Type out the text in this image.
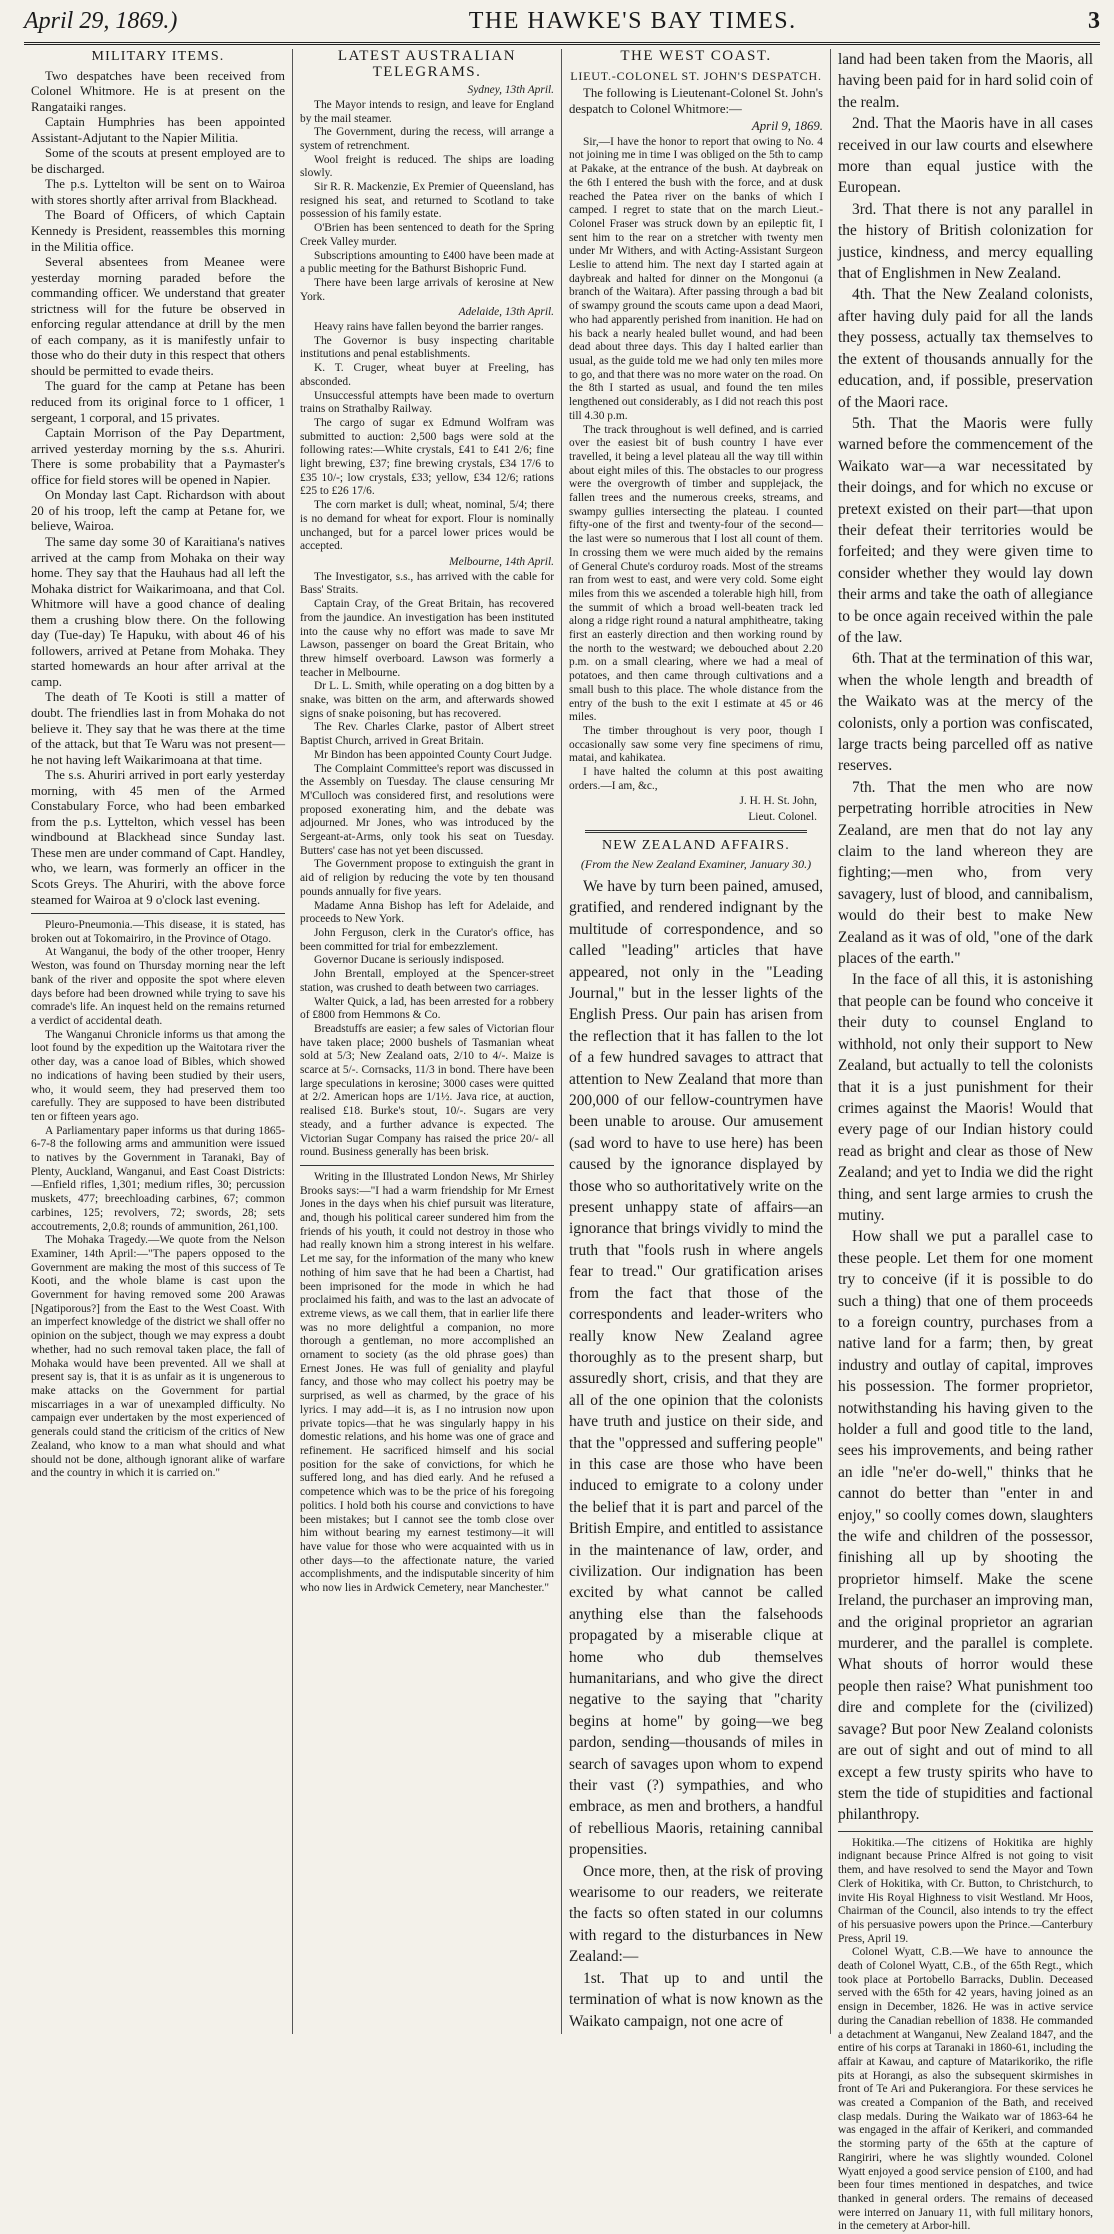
April 29, 1869.)	THE HAWKE'S BAY TIMES.	3
MILITARY ITEMS.

Two despatches have been received from Colonel Whitmore. He is at present on the Rangataiki ranges.

Captain Humphries has been appointed Assistant-Adjutant to the Napier Militia.

Some of the scouts at present employed are to be discharged.

The p.s. Lyttelton will be sent on to Wairoa with stores shortly after arrival from Blackhead.

The Board of Officers, of which Captain Kennedy is President, reassembles this morning in the Militia office.

Several absentees from Meanee were yesterday morning paraded before the commanding officer. We understand that greater strictness will for the future be observed in enforcing regular attendance at drill by the men of each company, as it is manifestly unfair to those who do their duty in this respect that others should be permitted to evade theirs.

The guard for the camp at Petane has been reduced from its original force to 1 officer, 1 sergeant, 1 corporal, and 15 privates.

Captain Morrison of the Pay Department, arrived yesterday morning by the s.s. Ahuriri. There is some probability that a Paymaster's office for field stores will be opened in Napier.

On Monday last Capt. Richardson with about 20 of his troop, left the camp at Petane for, we believe, Wairoa.

The same day some 30 of Karaitiana's natives arrived at the camp from Mohaka on their way home. They say that the Hauhaus had all left the Mohaka district for Waikarimoana, and that Col. Whitmore will have a good chance of dealing them a crushing blow there. On the following day (Tue-day) Te Hapuku, with about 46 of his followers, arrived at Petane from Mohaka. They started homewards an hour after arrival at the camp.

The death of Te Kooti is still a matter of doubt. The friendlies last in from Mohaka do not believe it. They say that he was there at the time of the attack, but that Te Waru was not present—he not having left Waikarimoana at that time.

The s.s. Ahuriri arrived in port early yesterday morning, with 45 men of the Armed Constabulary Force, who had been embarked from the p.s. Lyttelton, which vessel has been windbound at Blackhead since Sunday last. These men are under command of Capt. Handley, who, we learn, was formerly an officer in the Scots Greys. The Ahuriri, with the above force steamed for Wairoa at 9 o'clock last evening.

Pleuro-Pneumonia.—This disease, it is stated, has broken out at Tokomairiro, in the Province of Otago.

At Wanganui, the body of the other trooper, Henry Weston, was found on Thursday morning near the left bank of the river and opposite the spot where eleven days before had been drowned while trying to save his comrade's life. An inquest held on the remains returned a verdict of accidental death.

The Wanganui Chronicle informs us that among the loot found by the expedition up the Waitotara river the other day, was a canoe load of Bibles, which showed no indications of having been studied by their users, who, it would seem, they had preserved them too carefully. They are supposed to have been distributed ten or fifteen years ago.

A Parliamentary paper informs us that during 1865-6-7-8 the following arms and ammunition were issued to natives by the Government in Taranaki, Bay of Plenty, Auckland, Wanganui, and East Coast Districts:—Enfield rifles, 1,301; medium rifles, 30; percussion muskets, 477; breechloading carbines, 67; common carbines, 125; revolvers, 72; swords, 28; sets accoutrements, 2,0.8; rounds of ammunition, 261,100.

The Mohaka Tragedy.—We quote from the Nelson Examiner, 14th April:—"The papers opposed to the Government are making the most of this success of Te Kooti, and the whole blame is cast upon the Government for having removed some 200 Arawas [Ngatiporous?] from the East to the West Coast. With an imperfect knowledge of the district we shall offer no opinion on the subject, though we may express a doubt whether, had no such removal taken place, the fall of Mohaka would have been prevented. All we shall at present say is, that it is as unfair as it is ungenerous to make attacks on the Government for partial miscarriages in a war of unexampled difficulty. No campaign ever undertaken by the most experienced of generals could stand the criticism of the critics of New Zealand, who know to a man what should and what should not be done, although ignorant alike of warfare and the country in which it is carried on."

LATEST AUSTRALIAN TELEGRAMS.
Sydney, 13th April.

The Mayor intends to resign, and leave for England by the mail steamer.

The Government, during the recess, will arrange a system of retrenchment.

Wool freight is reduced. The ships are loading slowly.

Sir R. R. Mackenzie, Ex Premier of Queensland, has resigned his seat, and returned to Scotland to take possession of his family estate.

O'Brien has been sentenced to death for the Spring Creek Valley murder.

Subscriptions amounting to £400 have been made at a public meeting for the Bathurst Bishopric Fund.

There have been large arrivals of kerosine at New York.

Adelaide, 13th April.

Heavy rains have fallen beyond the barrier ranges.

The Governor is busy inspecting charitable institutions and penal establishments.

K. T. Cruger, wheat buyer at Freeling, has absconded.

Unsuccessful attempts have been made to overturn trains on Strathalby Railway.

The cargo of sugar ex Edmund Wolfram was submitted to auction: 2,500 bags were sold at the following rates:—White crystals, £41 to £41 2/6; fine light brewing, £37; fine brewing crystals, £34 17/6 to £35 10/-; low crystals, £33; yellow, £34 12/6; rations £25 to £26 17/6.

The corn market is dull; wheat, nominal, 5/4; there is no demand for wheat for export. Flour is nominally unchanged, but for a parcel lower prices would be accepted.

Melbourne, 14th April.

The Investigator, s.s., has arrived with the cable for Bass' Straits.

Captain Cray, of the Great Britain, has recovered from the jaundice. An investigation has been instituted into the cause why no effort was made to save Mr Lawson, passenger on board the Great Britain, who threw himself overboard. Lawson was formerly a teacher in Melbourne.

Dr L. L. Smith, while operating on a dog bitten by a snake, was bitten on the arm, and afterwards showed signs of snake poisoning, but has recovered.

The Rev. Charles Clarke, pastor of Albert street Baptist Church, arrived in Great Britain.

Mr Bindon has been appointed County Court Judge.

The Complaint Committee's report was discussed in the Assembly on Tuesday. The clause censuring Mr M'Culloch was considered first, and resolutions were proposed exonerating him, and the debate was adjourned. Mr Jones, who was introduced by the Sergeant-at-Arms, only took his seat on Tuesday. Butters' case has not yet been discussed.

The Government propose to extinguish the grant in aid of religion by reducing the vote by ten thousand pounds annually for five years.

Madame Anna Bishop has left for Adelaide, and proceeds to New York.

John Ferguson, clerk in the Curator's office, has been committed for trial for embezzlement.

Governor Ducane is seriously indisposed.

John Brentall, employed at the Spencer-street station, was crushed to death between two carriages.

Walter Quick, a lad, has been arrested for a robbery of £800 from Hemmons & Co.

Breadstuffs are easier; a few sales of Victorian flour have taken place; 2000 bushels of Tasmanian wheat sold at 5/3; New Zealand oats, 2/10 to 4/-. Maize is scarce at 5/-. Cornsacks, 11/3 in bond. There have been large speculations in kerosine; 3000 cases were quitted at 2/2. American hops are 1/1½. Java rice, at auction, realised £18. Burke's stout, 10/-. Sugars are very steady, and a further advance is expected. The Victorian Sugar Company has raised the price 20/- all round. Business generally has been brisk.

Writing in the Illustrated London News, Mr Shirley Brooks says:—"I had a warm friendship for Mr Ernest Jones in the days when his chief pursuit was literature, and, though his political career sundered him from the friends of his youth, it could not destroy in those who had really known him a strong interest in his welfare. Let me say, for the information of the many who knew nothing of him save that he had been a Chartist, had been imprisoned for the mode in which he had proclaimed his faith, and was to the last an advocate of extreme views, as we call them, that in earlier life there was no more delightful a companion, no more thorough a gentleman, no more accomplished an ornament to society (as the old phrase goes) than Ernest Jones. He was full of geniality and playful fancy, and those who may collect his poetry may be surprised, as well as charmed, by the grace of his lyrics. I may add—it is, as I no intrusion now upon private topics—that he was singularly happy in his domestic relations, and his home was one of grace and refinement. He sacrificed himself and his social position for the sake of convictions, for which he suffered long, and has died early. And he refused a competence which was to be the price of his foregoing politics. I hold both his course and convictions to have been mistakes; but I cannot see the tomb close over him without bearing my earnest testimony—it will have value for those who were acquainted with us in other days—to the affectionate nature, the varied accomplishments, and the indisputable sincerity of him who now lies in Ardwick Cemetery, near Manchester."

THE WEST COAST.
LIEUT.-COLONEL ST. JOHN'S DESPATCH.

The following is Lieutenant-Colonel St. John's despatch to Colonel Whitmore:—

April 9, 1869.

Sir,—I have the honor to report that owing to No. 4 not joining me in time I was obliged on the 5th to camp at Pakake, at the entrance of the bush. At daybreak on the 6th I entered the bush with the force, and at dusk reached the Patea river on the banks of which I camped. I regret to state that on the march Lieut.-Colonel Fraser was struck down by an epileptic fit, I sent him to the rear on a stretcher with twenty men under Mr Withers, and with Acting-Assistant Surgeon Leslie to attend him. The next day I started again at daybreak and halted for dinner on the Mongonui (a branch of the Waitara). After passing through a bad bit of swampy ground the scouts came upon a dead Maori, who had apparently perished from inanition. He had on his back a nearly healed bullet wound, and had been dead about three days. This day I halted earlier than usual, as the guide told me we had only ten miles more to go, and that there was no more water on the road. On the 8th I started as usual, and found the ten miles lengthened out considerably, as I did not reach this post till 4.30 p.m.

The track throughout is well defined, and is carried over the easiest bit of bush country I have ever travelled, it being a level plateau all the way till within about eight miles of this. The obstacles to our progress were the overgrowth of timber and supplejack, the fallen trees and the numerous creeks, streams, and swampy gullies intersecting the plateau. I counted fifty-one of the first and twenty-four of the second—the last were so numerous that I lost all count of them. In crossing them we were much aided by the remains of General Chute's corduroy roads. Most of the streams ran from west to east, and were very cold. Some eight miles from this we ascended a tolerable high hill, from the summit of which a broad well-beaten track led along a ridge right round a natural amphitheatre, taking first an easterly direction and then working round by the north to the westward; we debouched about 2.20 p.m. on a small clearing, where we had a meal of potatoes, and then came through cultivations and a small bush to this place. The whole distance from the entry of the bush to the exit I estimate at 45 or 46 miles.

The timber throughout is very poor, though I occasionally saw some very fine specimens of rimu, matai, and kahikatea.

I have halted the column at this post awaiting orders.—I am, &c.,

J. H. H. St. John,
Lieut. Colonel.
NEW ZEALAND AFFAIRS.
(From the New Zealand Examiner, January 30.)

We have by turn been pained, amused, gratified, and rendered indignant by the multitude of correspondence, and so called "leading" articles that have appeared, not only in the "Leading Journal," but in the lesser lights of the English Press. Our pain has arisen from the reflection that it has fallen to the lot of a few hundred savages to attract that attention to New Zealand that more than 200,000 of our fellow-countrymen have been unable to arouse. Our amusement (sad word to have to use here) has been caused by the ignorance displayed by those who so authoritatively write on the present unhappy state of affairs—an ignorance that brings vividly to mind the truth that "fools rush in where angels fear to tread." Our gratification arises from the fact that those of the correspondents and leader-writers who really know New Zealand agree thoroughly as to the present sharp, but assuredly short, crisis, and that they are all of the one opinion that the colonists have truth and justice on their side, and that the "oppressed and suffering people" in this case are those who have been induced to emigrate to a colony under the belief that it is part and parcel of the British Empire, and entitled to assistance in the maintenance of law, order, and civilization. Our indignation has been excited by what cannot be called anything else than the falsehoods propagated by a miserable clique at home who dub themselves humanitarians, and who give the direct negative to the saying that "charity begins at home" by going—we beg pardon, sending—thousands of miles in search of savages upon whom to expend their vast (?) sympathies, and who embrace, as men and brothers, a handful of rebellious Maoris, retaining cannibal propensities.

Once more, then, at the risk of proving wearisome to our readers, we reiterate the facts so often stated in our columns with regard to the disturbances in New Zealand:—

1st. That up to and until the termination of what is now known as the Waikato campaign, not one acre of

land had been taken from the Maoris, all having been paid for in hard solid coin of the realm.

2nd. That the Maoris have in all cases received in our law courts and elsewhere more than equal justice with the European.

3rd. That there is not any parallel in the history of British colonization for justice, kindness, and mercy equalling that of Englishmen in New Zealand.

4th. That the New Zealand colonists, after having duly paid for all the lands they possess, actually tax themselves to the extent of thousands annually for the education, and, if possible, preservation of the Maori race.

5th. That the Maoris were fully warned before the commencement of the Waikato war—a war necessitated by their doings, and for which no excuse or pretext existed on their part—that upon their defeat their territories would be forfeited; and they were given time to consider whether they would lay down their arms and take the oath of allegiance to be once again received within the pale of the law.

6th. That at the termination of this war, when the whole length and breadth of the Waikato was at the mercy of the colonists, only a portion was confiscated, large tracts being parcelled off as native reserves.

7th. That the men who are now perpetrating horrible atrocities in New Zealand, are men that do not lay any claim to the land whereon they are fighting;—men who, from very savagery, lust of blood, and cannibalism, would do their best to make New Zealand as it was of old, "one of the dark places of the earth."

In the face of all this, it is astonishing that people can be found who conceive it their duty to counsel England to withhold, not only their support to New Zealand, but actually to tell the colonists that it is a just punishment for their crimes against the Maoris! Would that every page of our Indian history could read as bright and clear as those of New Zealand; and yet to India we did the right thing, and sent large armies to crush the mutiny.

How shall we put a parallel case to these people. Let them for one moment try to conceive (if it is possible to do such a thing) that one of them proceeds to a foreign country, purchases from a native land for a farm; then, by great industry and outlay of capital, improves his possession. The former proprietor, notwithstanding his having given to the holder a full and good title to the land, sees his improvements, and being rather an idle "ne'er do-well," thinks that he cannot do better than "enter in and enjoy," so coolly comes down, slaughters the wife and children of the possessor, finishing all up by shooting the proprietor himself. Make the scene Ireland, the purchaser an improving man, and the original proprietor an agrarian murderer, and the parallel is complete. What shouts of horror would these people then raise? What punishment too dire and complete for the (civilized) savage? But poor New Zealand colonists are out of sight and out of mind to all except a few trusty spirits who have to stem the tide of stupidities and factional philanthropy.

Hokitika.—The citizens of Hokitika are highly indignant because Prince Alfred is not going to visit them, and have resolved to send the Mayor and Town Clerk of Hokitika, with Cr. Button, to Christchurch, to invite His Royal Highness to visit Westland. Mr Hoos, Chairman of the Council, also intends to try the effect of his persuasive powers upon the Prince.—Canterbury Press, April 19.

Colonel Wyatt, C.B.—We have to announce the death of Colonel Wyatt, C.B., of the 65th Regt., which took place at Portobello Barracks, Dublin. Deceased served with the 65th for 42 years, having joined as an ensign in December, 1826. He was in active service during the Canadian rebellion of 1838. He commanded a detachment at Wanganui, New Zealand 1847, and the entire of his corps at Taranaki in 1860-61, including the affair at Kawau, and capture of Matarikoriko, the rifle pits at Horangi, as also the subsequent skirmishes in front of Te Ari and Pukerangiora. For these services he was created a Companion of the Bath, and received clasp medals. During the Waikato war of 1863-64 he was engaged in the affair of Kerikeri, and commanded the storming party of the 65th at the capture of Rangiriri, where he was slightly wounded. Colonel Wyatt enjoyed a good service pension of £100, and had been four times mentioned in despatches, and twice thanked in general orders. The remains of deceased were interred on January 11, with full military honors, in the cemetery at Arbor-hill.
